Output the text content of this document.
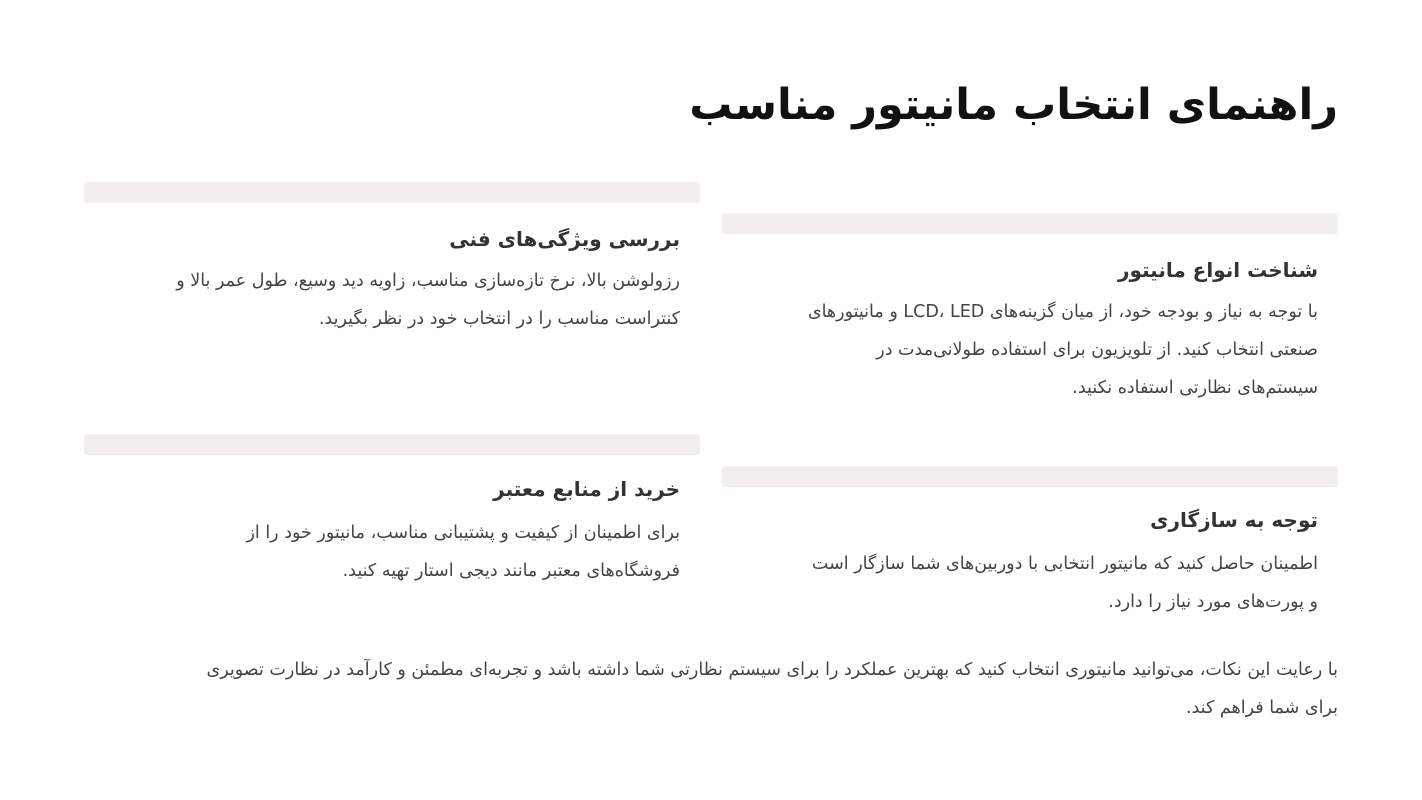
راهنمای انتخاب مانیتور مناسب
شناخت انواع مانیتور
با توجه به نیاز و بودجه خود، از میان گزینه‌های LCD، LED و مانیتورهای
صنعتی انتخاب کنید. از تلویزیون برای استفاده طولانی‌مدت در
سیستم‌های نظارتی استفاده نکنید.
بررسی ویژگی‌های فنی
رزولوشن بالا، نرخ تازه‌سازی مناسب، زاویه دید وسیع، طول عمر بالا و
کنتراست مناسب را در انتخاب خود در نظر بگیرید.
توجه به سازگاری
اطمینان حاصل کنید که مانیتور انتخابی با دوربین‌های شما سازگار است
و پورت‌های مورد نیاز را دارد.
خرید از منابع معتبر
برای اطمینان از کیفیت و پشتیبانی مناسب، مانیتور خود را از
فروشگاه‌های معتبر مانند دیجی استار تهیه کنید.
با رعایت این نکات، می‌توانید مانیتوری انتخاب کنید که بهترین عملکرد را برای سیستم نظارتی شما داشته باشد و تجربه‌ای مطمئن و کارآمد در نظارت تصویری
برای شما فراهم کند.
